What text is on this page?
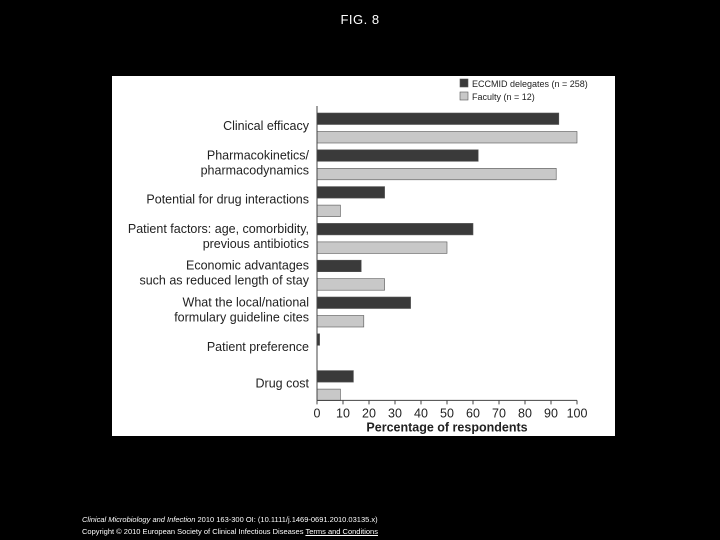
FIG. 8
Clinical efficacy
Pharmacokinetics/
pharmacodynamics
Potential for drug interactions
Patient factors: age, comorbidity,
previous antibiotics
Economic advantages
such as reduced length of stay
What the local/national
formulary guideline cites
Patient preference
Drug cost
0 10 20 30 40 50 60 70 80 90 100
Percentage of respondents
ECCMID delegates (n = 258)
Faculty (n = 12)
Clinical Microbiology and Infection 2010 163-300 OI: (10.1111/j.1469-0691.2010.03135.x)
Copyright © 2010 European Society of Clinical Infectious Diseases Terms and Conditions
